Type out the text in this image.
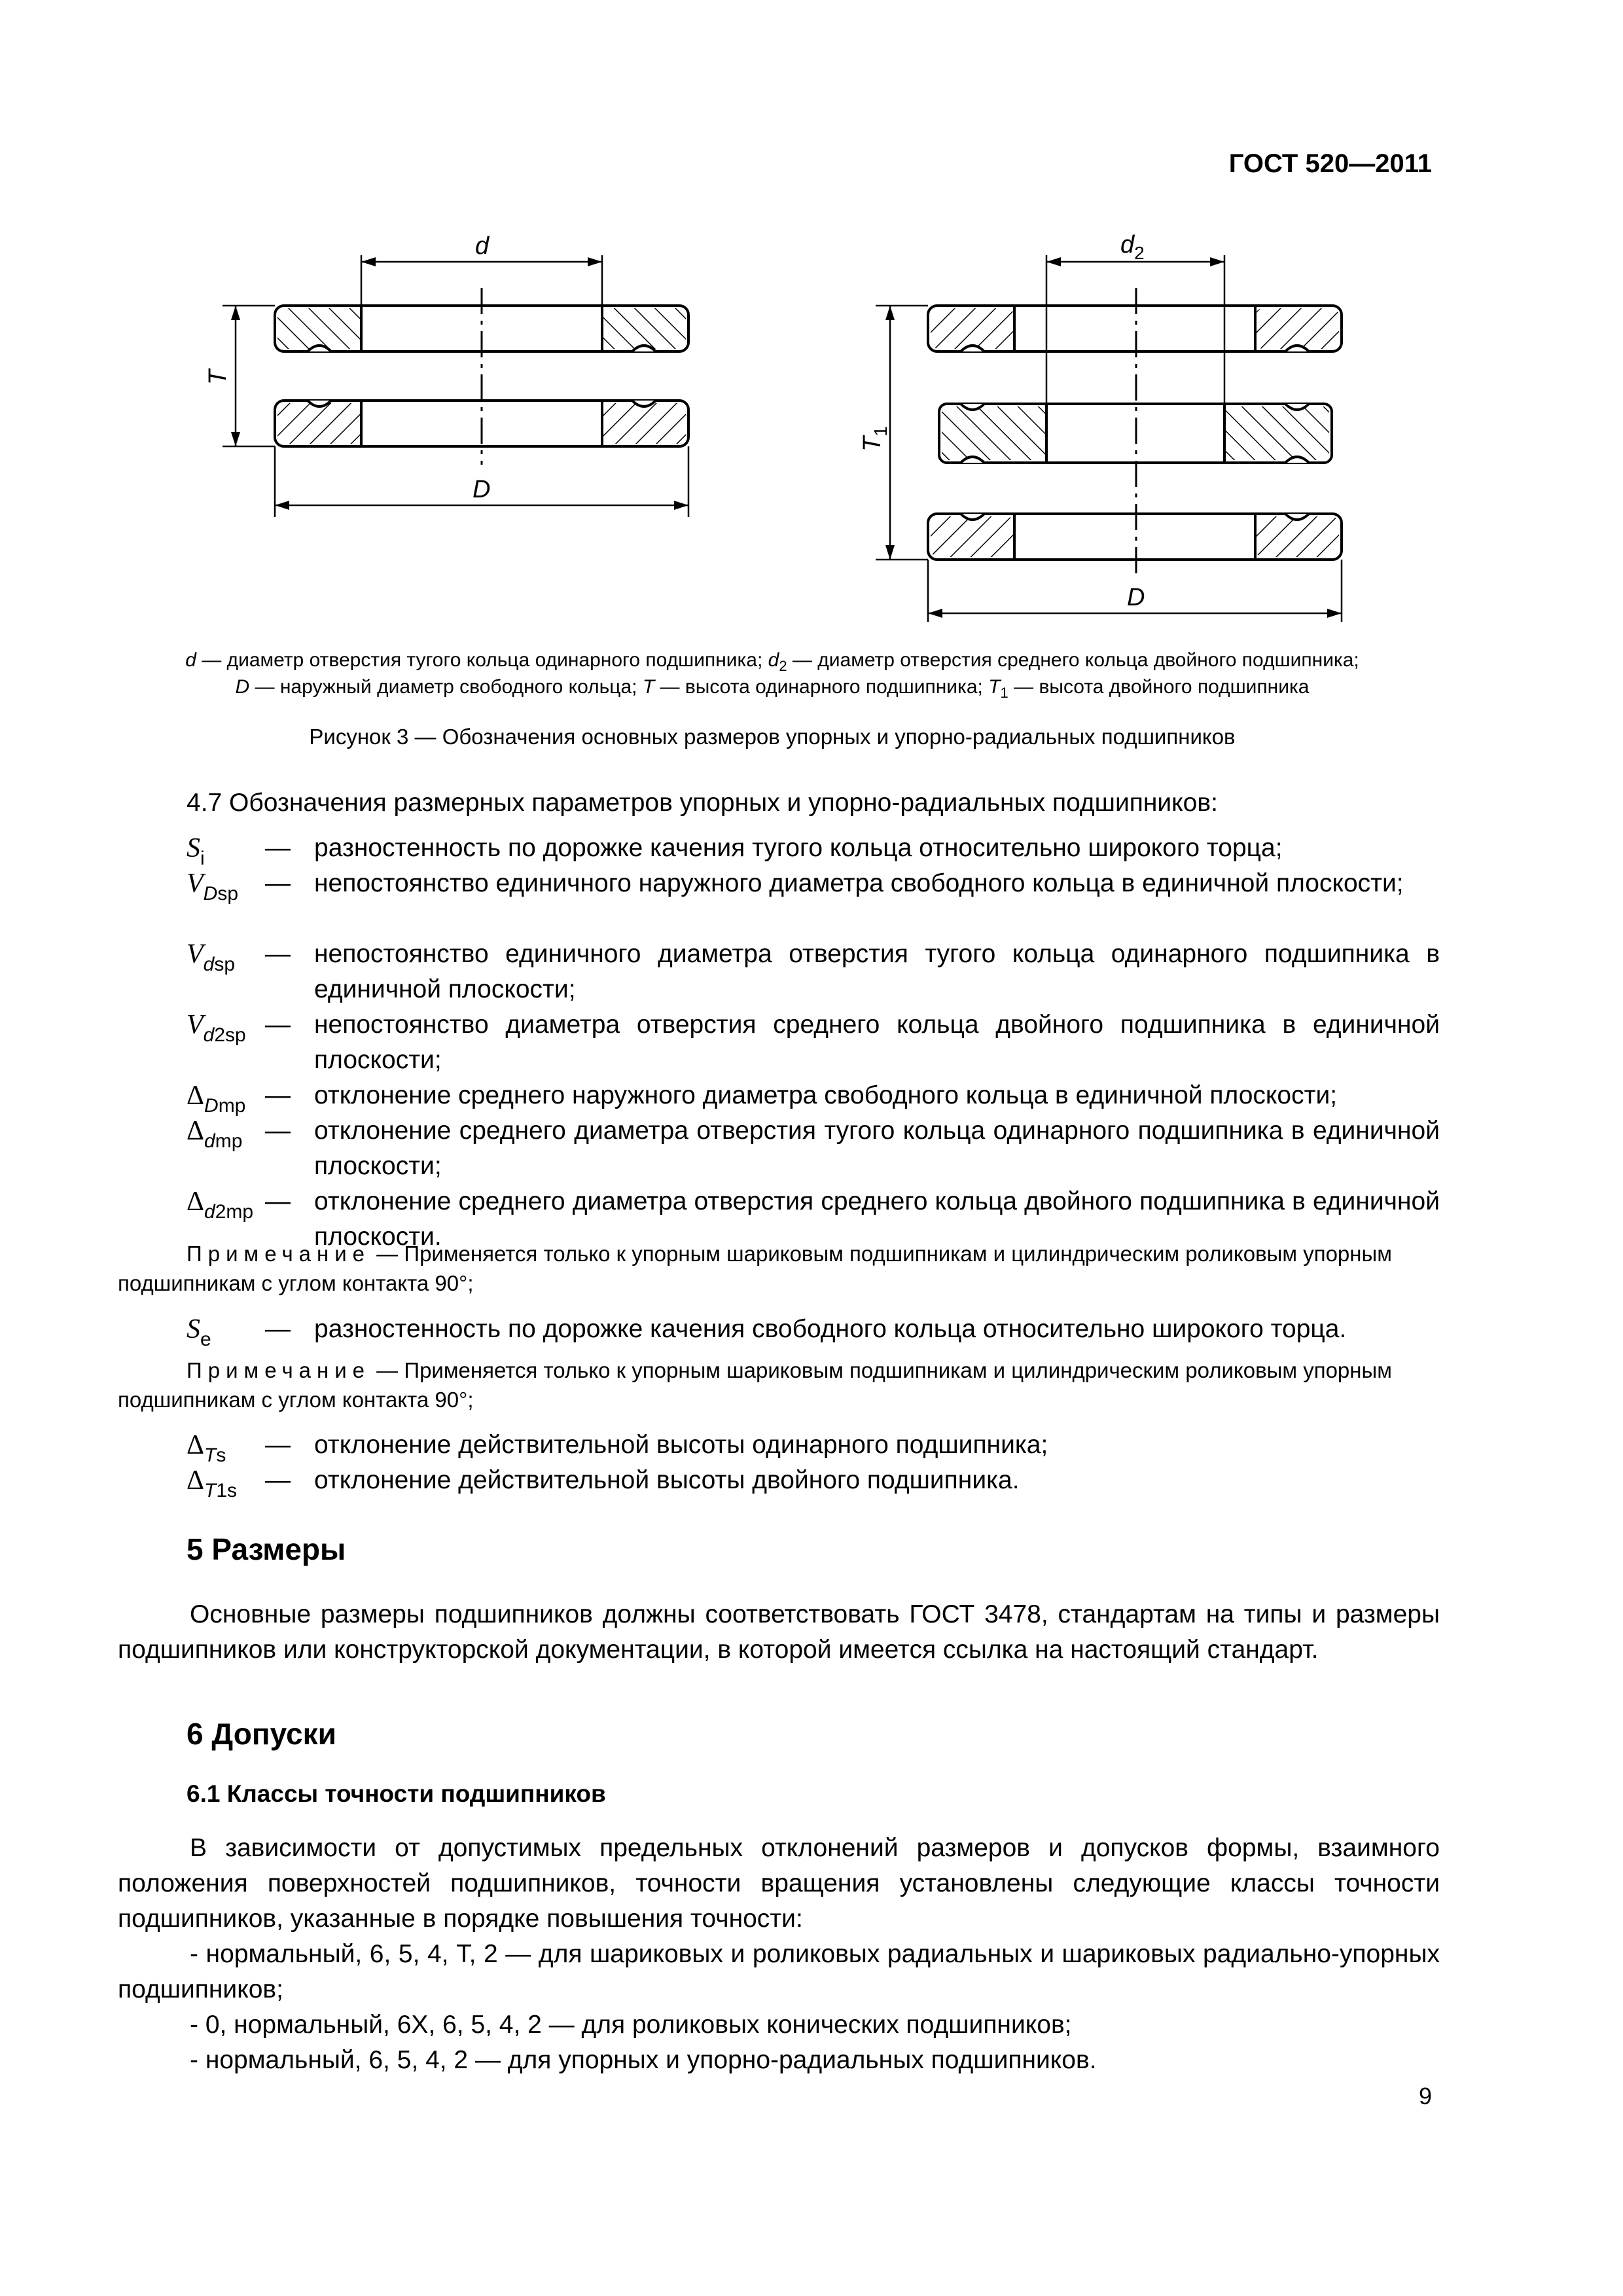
ГОСТ 520—2011
d
D
T
$d_2$
$T_1$
D
d — диаметр отверстия тугого кольца одинарного подшипника; $d_2$ — диаметр отверстия среднего кольца двойного подшипника;
D — наружный диаметр свободного кольца; T — высота одинарного подшипника; $T_1$ — высота двойного подшипника
Рисунок 3 — Обозначения основных размеров упорных и упорно-радиальных подшипников
4.7 Обозначения размерных параметров упорных и упорно-радиальных подшипников:
$S_i$	— разностенность по дорожке качения тугого кольца относительно широкого торца;
$V_{Dsp}$	— непостоянство единичного наружного диаметра свободного кольца в единичной плоскости;
$V_{dsp}$	— непостоянство единичного диаметра отверстия тугого кольца одинарного подшипника в единичной плоскости;
$V_{d2sp}$ — непостоянство диаметра отверстия среднего кольца двойного подшипника в единичной плоскости;
$\Delta_{Dmp}$ — отклонение среднего наружного диаметра свободного кольца в единичной плоскости;
$\Delta_{dmp}$ — отклонение среднего диаметра отверстия тугого кольца одинарного подшипника в единичной плоскости;
$\Delta_{d2mp}$ — отклонение среднего диаметра отверстия среднего кольца двойного подшипника в единичной плоскости.
Примечание — Применяется только к упорным шариковым подшипникам и цилиндрическим роликовым упорным подшипникам с углом контакта 90°;
$S_e$	— разностенность по дорожке качения свободного кольца относительно широкого торца.
Примечание — Применяется только к упорным шариковым подшипникам и цилиндрическим роликовым упорным подшипникам с углом контакта 90°;
$\Delta_{Ts}$	— отклонение действительной высоты одинарного подшипника;
$\Delta_{T1s}$	— отклонение действительной высоты двойного подшипника.
5 Размеры
Основные размеры подшипников должны соответствовать ГОСТ 3478, стандартам на типы и размеры подшипников или конструкторской документации, в которой имеется ссылка на настоящий стандарт.
6 Допуски
6.1 Классы точности подшипников
В зависимости от допустимых предельных отклонений размеров и допусков формы, взаимного положения поверхностей подшипников, точности вращения установлены следующие классы точности подшипников, указанные в порядке повышения точности:
- нормальный, 6, 5, 4, Т, 2 — для шариковых и роликовых радиальных и шариковых радиально-упорных подшипников;
- 0, нормальный, 6Х, 6, 5, 4, 2 — для роликовых конических подшипников;
- нормальный, 6, 5, 4, 2 — для упорных и упорно-радиальных подшипников.
9
